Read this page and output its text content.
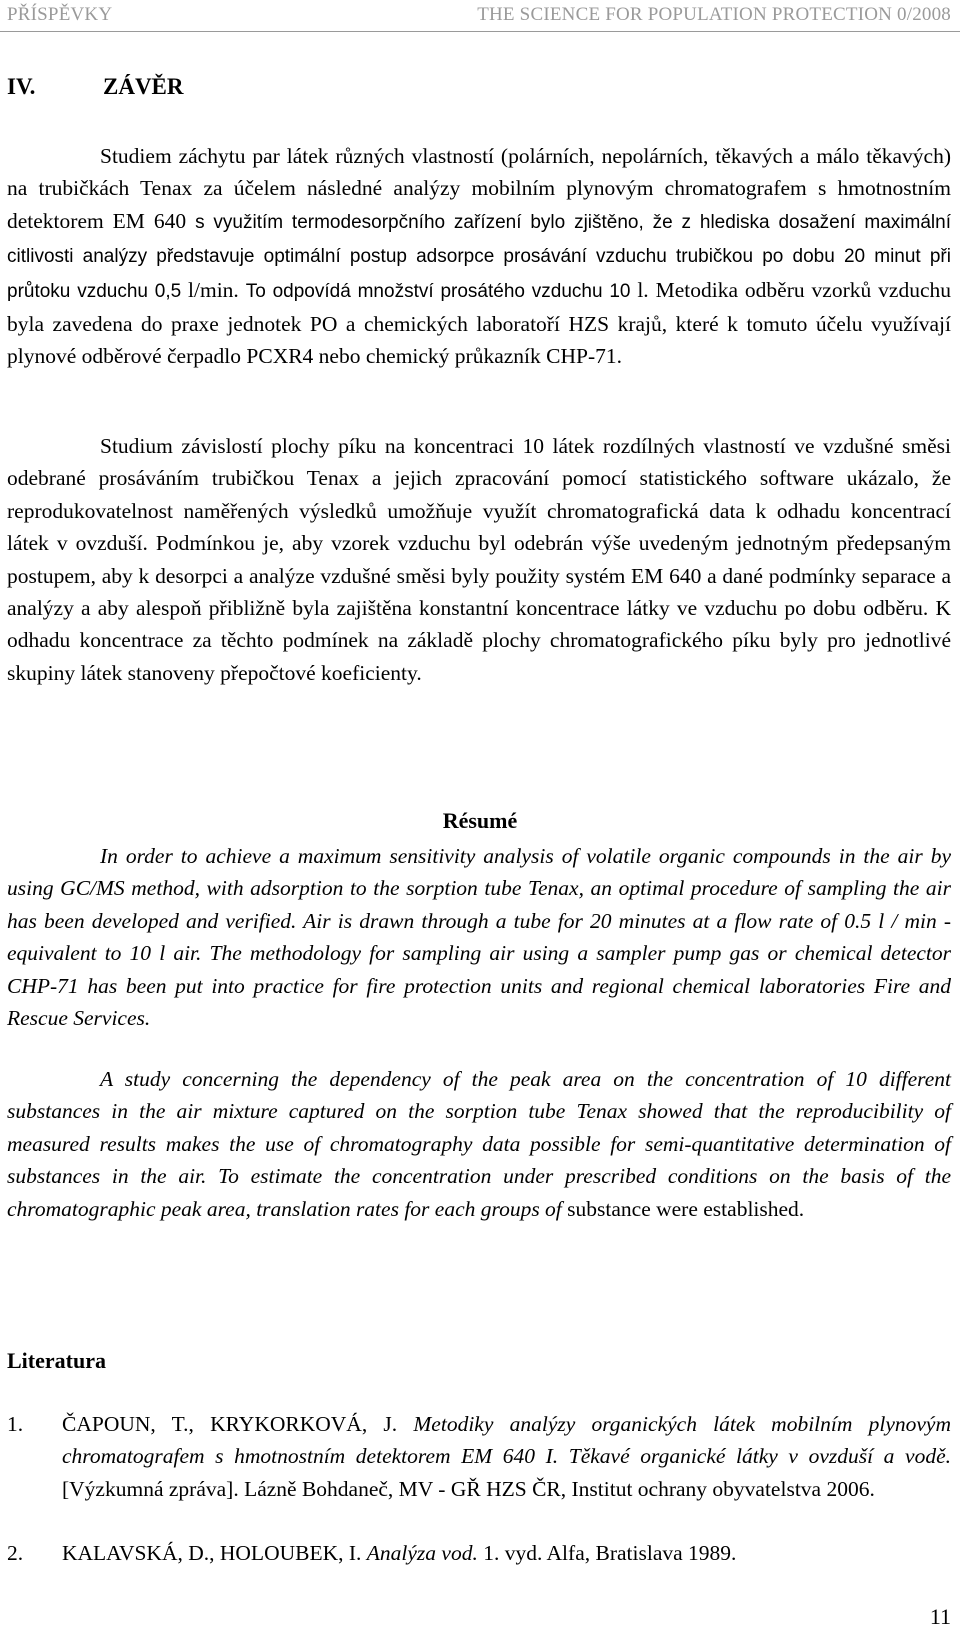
PŘÍSPĚVKY	THE SCIENCE FOR POPULATION PROTECTION 0/2008
IV.	ZÁVĚR

Studiem záchytu par látek různých vlastností (polárních, nepolárních, těkavých a málo těkavých) na trubičkách Tenax za účelem následné analýzy mobilním plynovým chromatografem s hmotnostním detektorem EM 640 s využitím termodesorpčního zařízení bylo zjištěno, že z hlediska dosažení maximální citlivosti analýzy představuje optimální postup adsorpce prosávání vzduchu trubičkou po dobu 20 minut při průtoku vzduchu 0,5 l/min. To odpovídá množství prosátého vzduchu 10 l. Metodika odběru vzorků vzduchu byla zavedena do praxe jednotek PO a chemických laboratoří HZS krajů, které k tomuto účelu využívají plynové odběrové čerpadlo PCXR4 nebo chemický průkazník CHP-71.

Studium závislostí plochy píku na koncentraci 10 látek rozdílných vlastností ve vzdušné směsi odebrané prosáváním trubičkou Tenax a jejich zpracování pomocí statistického software ukázalo, že reprodukovatelnost naměřených výsledků umožňuje využít chromatografická data k odhadu koncentrací látek v ovzduší. Podmínkou je, aby vzorek vzduchu byl odebrán výše uvedeným jednotným předepsaným postupem, aby k desorpci a analýze vzdušné směsi byly použity systém EM 640 a dané podmínky separace a analýzy a aby alespoň přibližně byla zajištěna konstantní koncentrace látky ve vzduchu po dobu odběru. K odhadu koncentrace za těchto podmínek na základě plochy chromatografického píku byly pro jednotlivé skupiny látek stanoveny přepočtové koeficienty.

Résumé

In order to achieve a maximum sensitivity analysis of volatile organic compounds in the air by using GC/MS method, with adsorption to the sorption tube Tenax, an optimal procedure of sampling the air has been developed and verified. Air is drawn through a tube for 20 minutes at a flow rate of 0.5 l / min - equivalent to 10 l air. The methodology for sampling air using a sampler pump gas or chemical detector CHP-71 has been put into practice for fire protection units and regional chemical laboratories Fire and Rescue Services.

A study concerning the dependency of the peak area on the concentration of 10 different substances in the air mixture captured on the sorption tube Tenax showed that the reproducibility of measured results makes the use of chromatography data possible for semi-quantitative determination of substances in the air. To estimate the concentration under prescribed conditions on the basis of the chromatographic peak area, translation rates for each groups of substance were established.

Literatura
1. ČAPOUN, T., KRYKORKOVÁ, J. Metodiky analýzy organických látek mobilním plynovým chromatografem s hmotnostním detektorem EM 640 I. Těkavé organické látky v ovzduší a vodě. [Výzkumná zpráva]. Lázně Bohdaneč, MV - GŘ HZS ČR, Institut ochrany obyvatelstva 2006.
2. KALAVSKÁ, D., HOLOUBEK, I. Analýza vod. 1. vyd. Alfa, Bratislava 1989.
11
